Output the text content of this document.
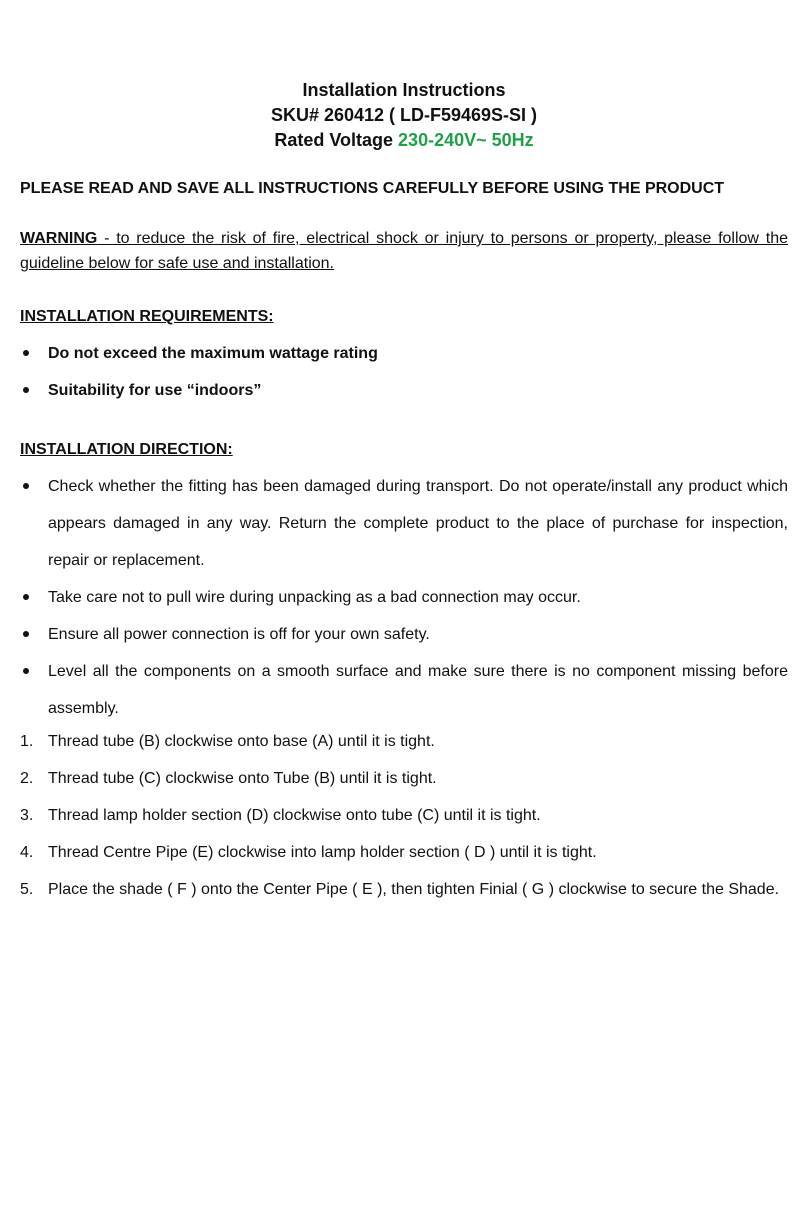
Installation Instructions
SKU# 260412 ( LD-F59469S-SI )
Rated Voltage 230-240V~ 50Hz
PLEASE READ AND SAVE ALL INSTRUCTIONS CAREFULLY BEFORE USING THE PRODUCT
WARNING - to reduce the risk of fire, electrical shock or injury to persons or property, please follow the guideline below for safe use and installation.
INSTALLATION REQUIREMENTS:
Do not exceed the maximum wattage rating
Suitability for use “indoors”
INSTALLATION DIRECTION:
Check whether the fitting has been damaged during transport. Do not operate/install any product which appears damaged in any way. Return the complete product to the place of purchase for inspection, repair or replacement.
Take care not to pull wire during unpacking as a bad connection may occur.
Ensure all power connection is off for your own safety.
Level all the components on a smooth surface and make sure there is no component missing before assembly.
1. Thread tube (B) clockwise onto base (A) until it is tight.
2. Thread tube (C) clockwise onto Tube (B) until it is tight.
3. Thread lamp holder section (D) clockwise onto tube (C) until it is tight.
4. Thread Centre Pipe (E) clockwise into lamp holder section ( D ) until it is tight.
5. Place the shade ( F ) onto the Center Pipe ( E ), then tighten Finial ( G ) clockwise to secure the Shade.
